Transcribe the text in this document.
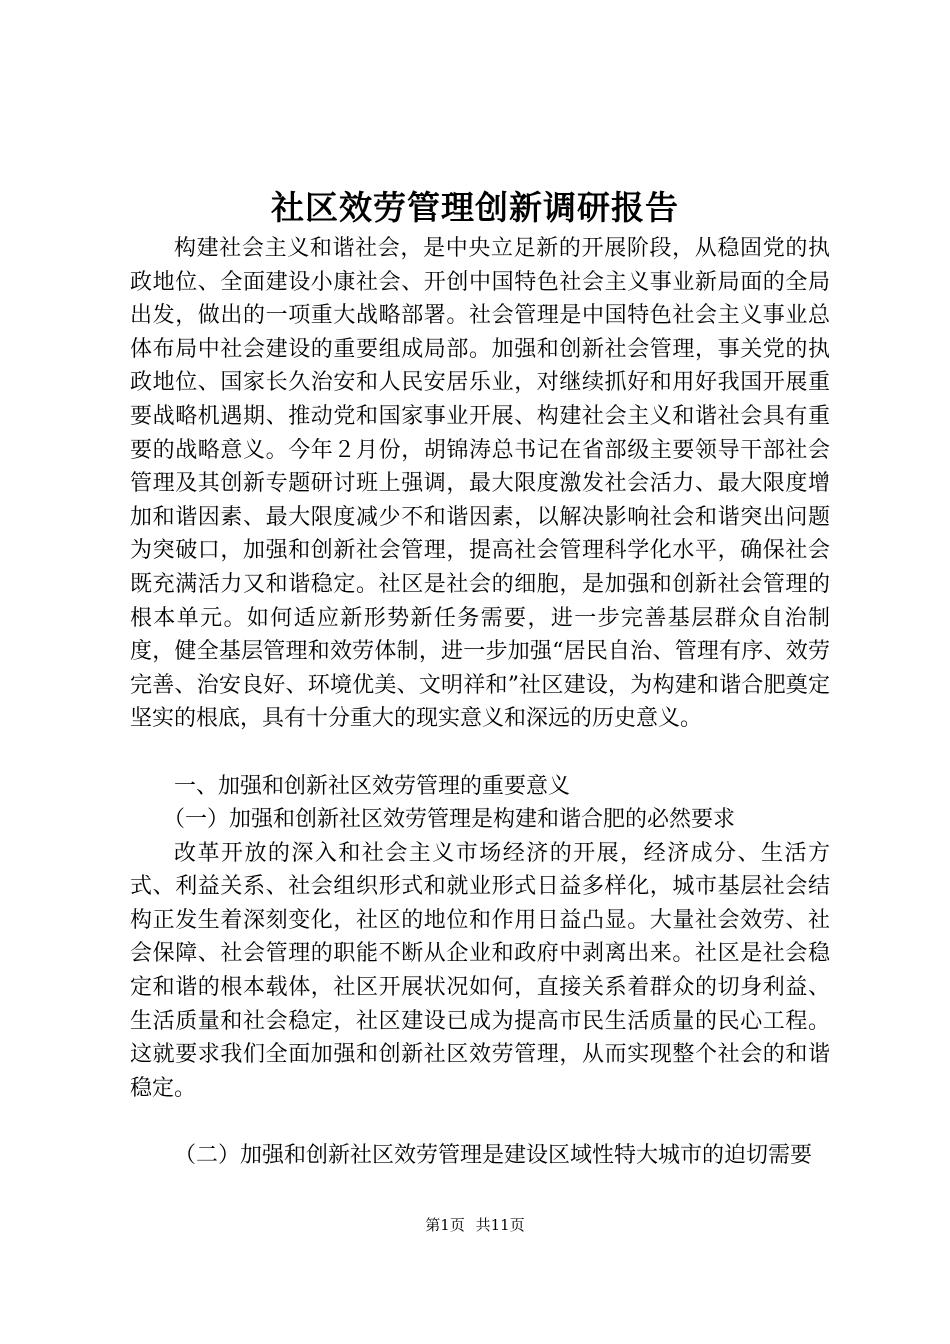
社区效劳管理创新调研报告

构建社会主义和谐社会，是中央立足新的开展阶段，从稳固党的执政地位、全面建设小康社会、开创中国特色社会主义事业新局面的全局出发，做出的一项重大战略部署。社会管理是中国特色社会主义事业总体布局中社会建设的重要组成局部。加强和创新社会管理，事关党的执政地位、国家长久治安和人民安居乐业，对继续抓好和用好我国开展重要战略机遇期、推动党和国家事业开展、构建社会主义和谐社会具有重要的战略意义。今年２月份，胡锦涛总书记在省部级主要领导干部社会管理及其创新专题研讨班上强调，最大限度激发社会活力、最大限度增加和谐因素、最大限度减少不和谐因素，以解决影响社会和谐突出问题为突破口，加强和创新社会管理，提高社会管理科学化水平，确保社会既充满活力又和谐稳定。社区是社会的细胞，是加强和创新社会管理的根本单元。如何适应新形势新任务需要，进一步完善基层群众自治制度，健全基层管理和效劳体制，进一步加强“居民自治、管理有序、效劳完善、治安良好、环境优美、文明祥和”社区建设，为构建和谐合肥奠定坚实的根底，具有十分重大的现实意义和深远的历史意义。

一、加强和创新社区效劳管理的重要意义

（一）加强和创新社区效劳管理是构建和谐合肥的必然要求

改革开放的深入和社会主义市场经济的开展，经济成分、生活方式、利益关系、社会组织形式和就业形式日益多样化，城市基层社会结构正发生着深刻变化，社区的地位和作用日益凸显。大量社会效劳、社会保障、社会管理的职能不断从企业和政府中剥离出来。社区是社会稳定和谐的根本载体，社区开展状况如何，直接关系着群众的切身利益、生活质量和社会稳定，社区建设已成为提高市民生活质量的民心工程。这就要求我们全面加强和创新社区效劳管理，从而实现整个社会的和谐稳定。

（二）加强和创新社区效劳管理是建设区域性特大城市的迫切需要

第1页 共11页
